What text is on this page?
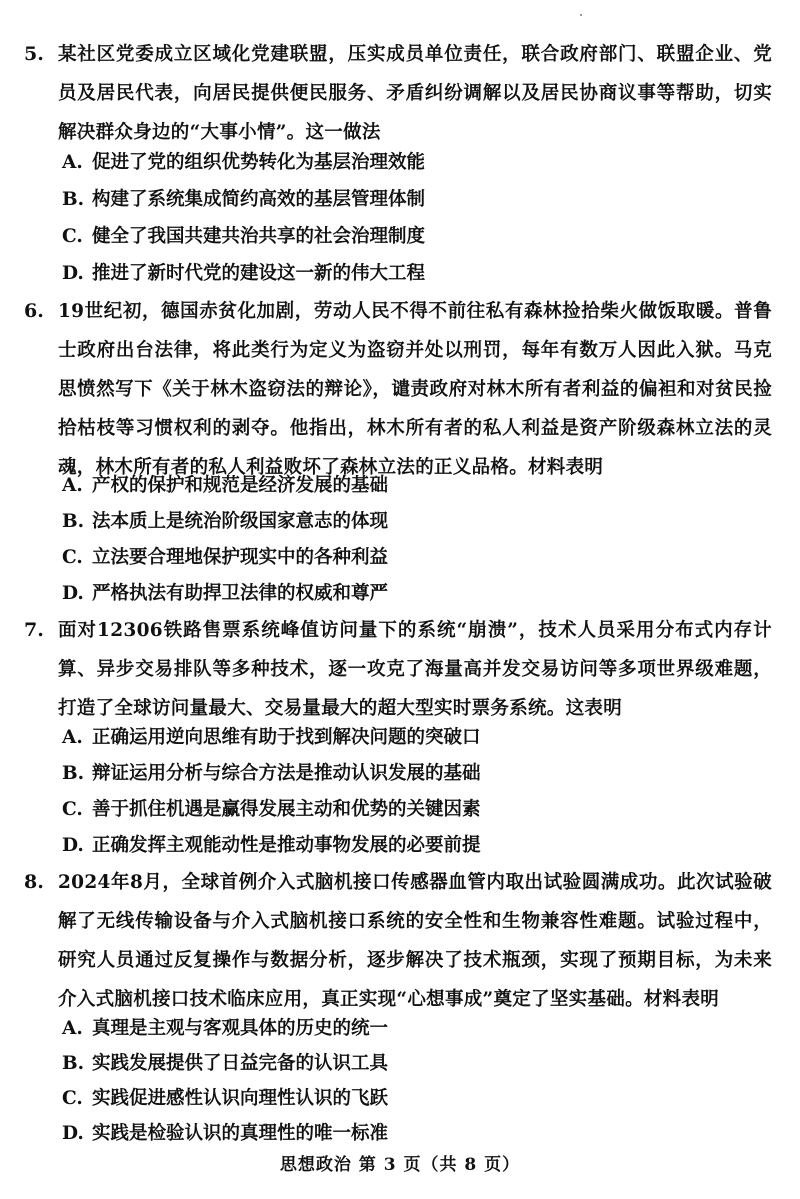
5. 某社区党委成立区域化党建联盟，压实成员单位责任，联合政府部门、联盟企业、党员及居民代表，向居民提供便民服务、矛盾纠纷调解以及居民协商议事等帮助，切实解决群众身边的“大事小情”。这一做法
A. 促进了党的组织优势转化为基层治理效能
B. 构建了系统集成简约高效的基层管理体制
C. 健全了我国共建共治共享的社会治理制度
D. 推进了新时代党的建设这一新的伟大工程
6. 19世纪初，德国赤贫化加剧，劳动人民不得不前往私有森林捡拾柴火做饭取暖。普鲁士政府出台法律，将此类行为定义为盗窃并处以刑罚，每年有数万人因此入狱。马克思愤然写下《关于林木盗窃法的辩论》，谴责政府对林木所有者利益的偏袒和对贫民捡拾枯枝等习惯权利的剥夺。他指出，林木所有者的私人利益是资产阶级森林立法的灵魂，林木所有者的私人利益败坏了森林立法的正义品格。材料表明
A. 产权的保护和规范是经济发展的基础
B. 法本质上是统治阶级国家意志的体现
C. 立法要合理地保护现实中的各种利益
D. 严格执法有助捍卫法律的权威和尊严
7. 面对12306铁路售票系统峰值访问量下的系统“崩溃”，技术人员采用分布式内存计算、异步交易排队等多种技术，逐一攻克了海量高并发交易访问等多项世界级难题，打造了全球访问量最大、交易量最大的超大型实时票务系统。这表明
A. 正确运用逆向思维有助于找到解决问题的突破口
B. 辩证运用分析与综合方法是推动认识发展的基础
C. 善于抓住机遇是赢得发展主动和优势的关键因素
D. 正确发挥主观能动性是推动事物发展的必要前提
8. 2024年8月，全球首例介入式脑机接口传感器血管内取出试验圆满成功。此次试验破解了无线传输设备与介入式脑机接口系统的安全性和生物兼容性难题。试验过程中，研究人员通过反复操作与数据分析，逐步解决了技术瓶颈，实现了预期目标，为未来介入式脑机接口技术临床应用，真正实现“心想事成”奠定了坚实基础。材料表明
A. 真理是主观与客观具体的历史的统一
B. 实践发展提供了日益完备的认识工具
C. 实践促进感性认识向理性认识的飞跃
D. 实践是检验认识的真理性的唯一标准
思想政治 第 3 页（共 8 页）
